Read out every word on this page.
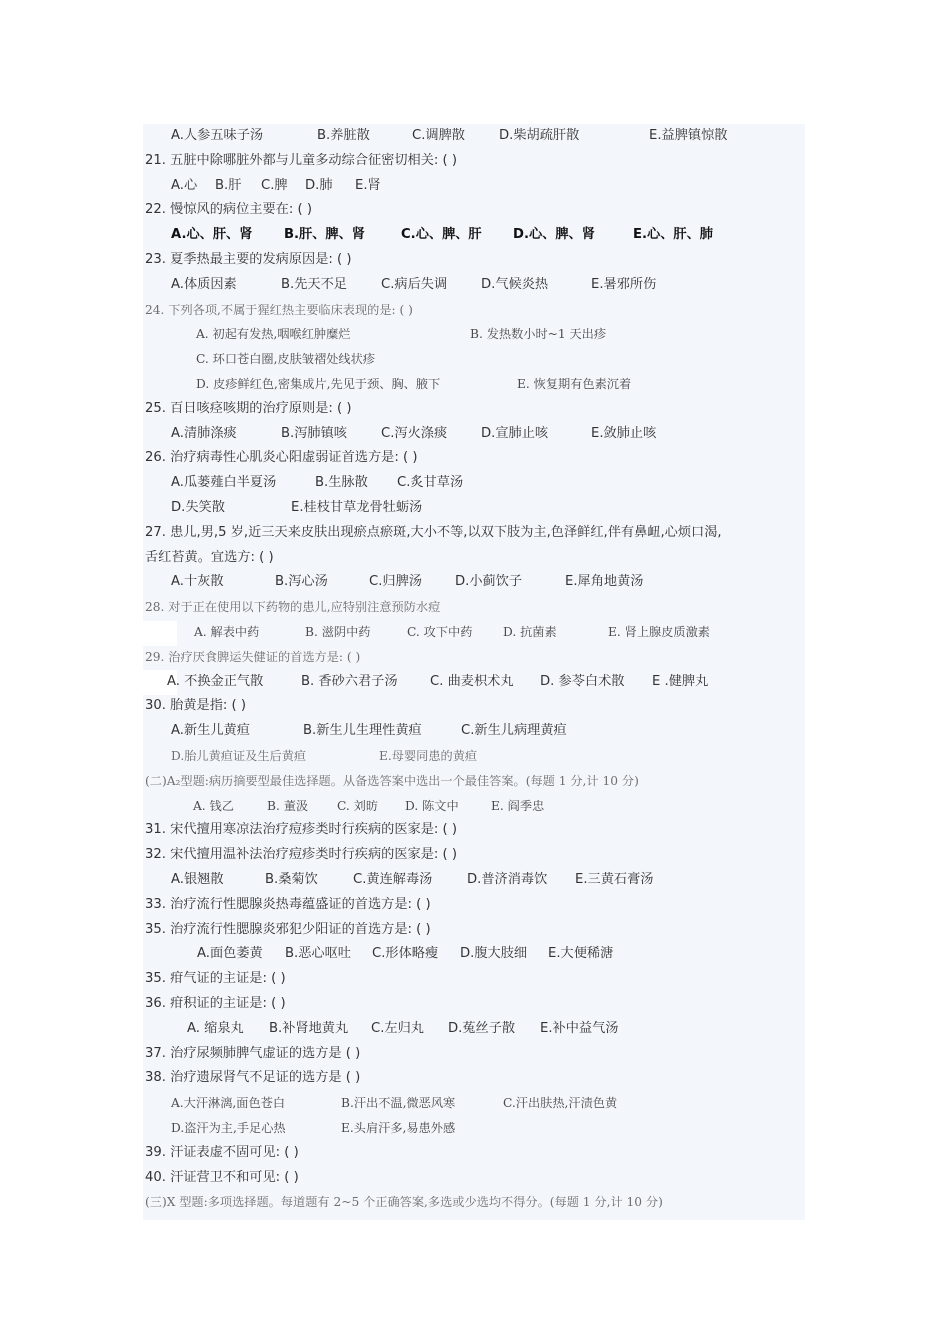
A.人参五味子汤	B.养脏散	C.调脾散	D.柴胡疏肝散	E.益脾镇惊散
21. 五脏中除哪脏外都与儿童多动综合征密切相关: ( )
A.心 B.肝 C.脾 D.肺 E.肾
22. 慢惊风的病位主要在: ( )
A.心、肝、肾 B.肝、脾、肾	C.心、脾、肝 D.心、脾、肾	E.心、肝、肺
23. 夏季热最主要的发病原因是: ( )
A.体质因素	B.先天不足	C.病后失调	D.气候炎热	E.暑邪所伤
24. 下列各项,不属于猩红热主要临床表现的是: ( )
A. 初起有发热,咽喉红肿糜烂	B. 发热数小时~1 天出疹
C. 环口苍白圈,皮肤皱褶处线状疹
D. 皮疹鲜红色,密集成片,先见于颈、胸、腋下	E. 恢复期有色素沉着
25. 百日咳痉咳期的治疗原则是: ( )
A.清肺涤痰	B.泻肺镇咳	C.泻火涤痰	D.宣肺止咳	E.敛肺止咳
26. 治疗病毒性心肌炎心阳虚弱证首选方是: ( )
A.瓜蒌薤白半夏汤	B.生脉散 C.炙甘草汤
D.失笑散	E.桂枝甘草龙骨牡蛎汤
27. 患儿,男,5 岁,近三天来皮肤出现瘀点瘀斑,大小不等,以双下肢为主,色泽鲜红,伴有鼻衄,心烦口渴,
舌红苔黄。宜选方: ( )
A.十灰散	B.泻心汤	C.归脾汤	D.小蓟饮子	E.犀角地黄汤
28. 对于正在使用以下药物的患儿,应特别注意预防水痘
A. 解表中药	B. 滋阴中药	C. 攻下中药	D. 抗菌素	E. 肾上腺皮质激素
29. 治疗厌食脾运失健证的首选方是: ( )
A. 不换金正气散	B. 香砂六君子汤 C. 曲麦枳术丸 D. 参苓白术散 E .健脾丸
30. 胎黄是指: ( )
A.新生儿黄疸	B.新生儿生理性黄疸	C.新生儿病理黄疸
D.胎儿黄疸证及生后黄疸	E.母婴同患的黄疸
(二)A₂型题:病历摘要型最佳选择题。从备选答案中选出一个最佳答案。(每题 1 分,计 10 分)
A. 钱乙	B. 董汲 C. 刘昉 D. 陈文中	E. 阎季忠
31. 宋代擅用寒凉法治疗痘疹类时行疾病的医家是: ( )
32. 宋代擅用温补法治疗痘疹类时行疾病的医家是: ( )
A.银翘散	B.桑菊饮	C.黄连解毒汤	D.普济消毒饮 E.三黄石膏汤
33. 治疗流行性腮腺炎热毒蕴盛证的首选方是: ( )
35. 治疗流行性腮腺炎邪犯少阳证的首选方是: ( )
A.面色萎黄 B.恶心呕吐 C.形体略瘦 D.腹大肢细 E.大便稀溏
35. 疳气证的主证是: ( )
36. 疳积证的主证是: ( )
A. 缩泉丸 B.补肾地黄丸 C.左归丸 D.菟丝子散 E.补中益气汤
37. 治疗尿频肺脾气虚证的选方是 ( )
38. 治疗遗尿肾气不足证的选方是 ( )
A.大汗淋漓,面色苍白	B.汗出不温,微恶风寒	C.汗出肤热,汗渍色黄
D.盗汗为主,手足心热	E.头肩汗多,易患外感
39. 汗证表虚不固可见: ( )
40. 汗证营卫不和可见: ( )
(三)X 型题:多项选择题。每道题有 2~5 个正确答案,多选或少选均不得分。(每题 1 分,计 10 分)
